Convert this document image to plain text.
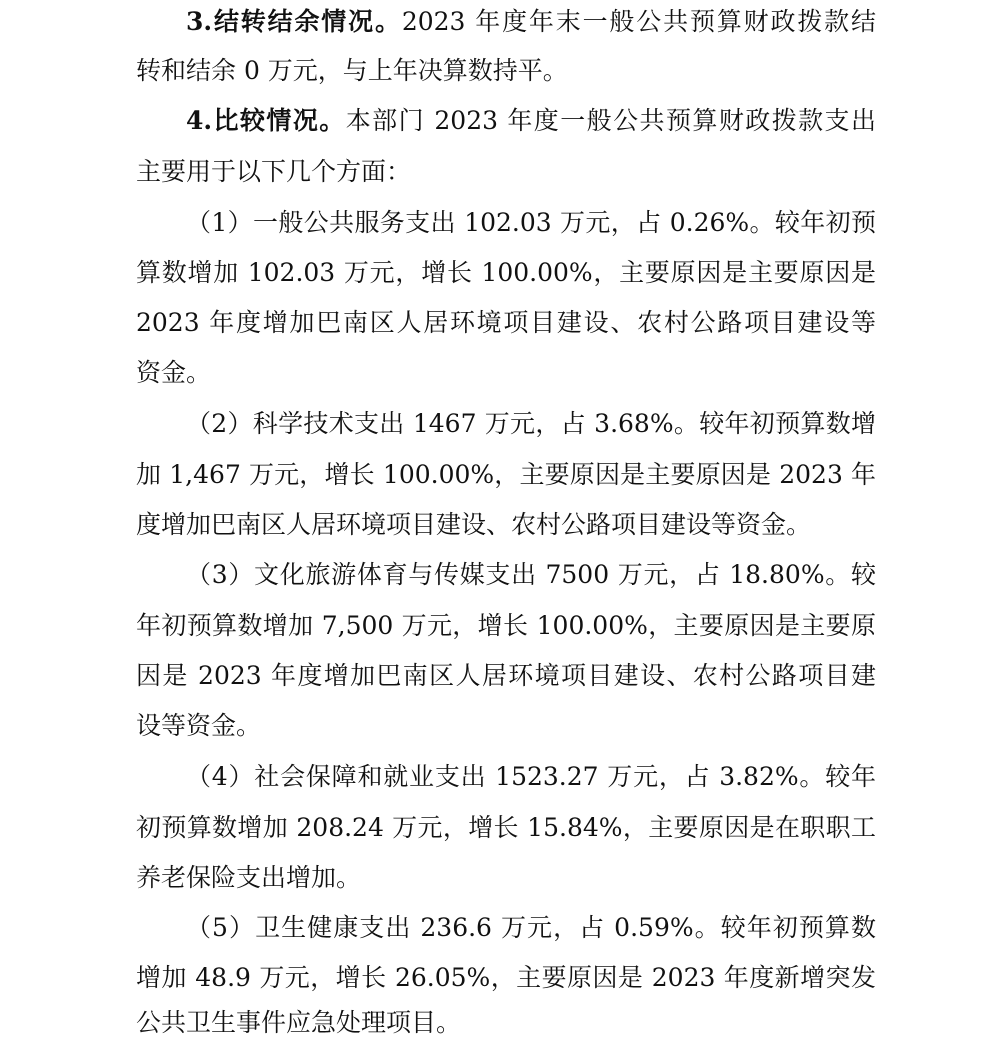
3.结转结余情况。2023 年度年末一般公共预算财政拨款结
转和结余 0 万元，与上年决算数持平。
4.比较情况。本部门 2023 年度一般公共预算财政拨款支出
主要用于以下几个方面：
（1）一般公共服务支出 102.03 万元，占 0.26%。较年初预
算数增加 102.03 万元，增长 100.00%，主要原因是主要原因是
2023 年度增加巴南区人居环境项目建设、农村公路项目建设等
资金。
（2）科学技术支出 1467 万元，占 3.68%。较年初预算数增
加 1,467 万元，增长 100.00%，主要原因是主要原因是 2023 年
度增加巴南区人居环境项目建设、农村公路项目建设等资金。
（3）文化旅游体育与传媒支出 7500 万元，占 18.80%。较
年初预算数增加 7,500 万元，增长 100.00%，主要原因是主要原
因是 2023 年度增加巴南区人居环境项目建设、农村公路项目建
设等资金。
（4）社会保障和就业支出 1523.27 万元，占 3.82%。较年
初预算数增加 208.24 万元，增长 15.84%，主要原因是在职职工
养老保险支出增加。
（5）卫生健康支出 236.6 万元，占 0.59%。较年初预算数
增加 48.9 万元，增长 26.05%，主要原因是 2023 年度新增突发
公共卫生事件应急处理项目。
